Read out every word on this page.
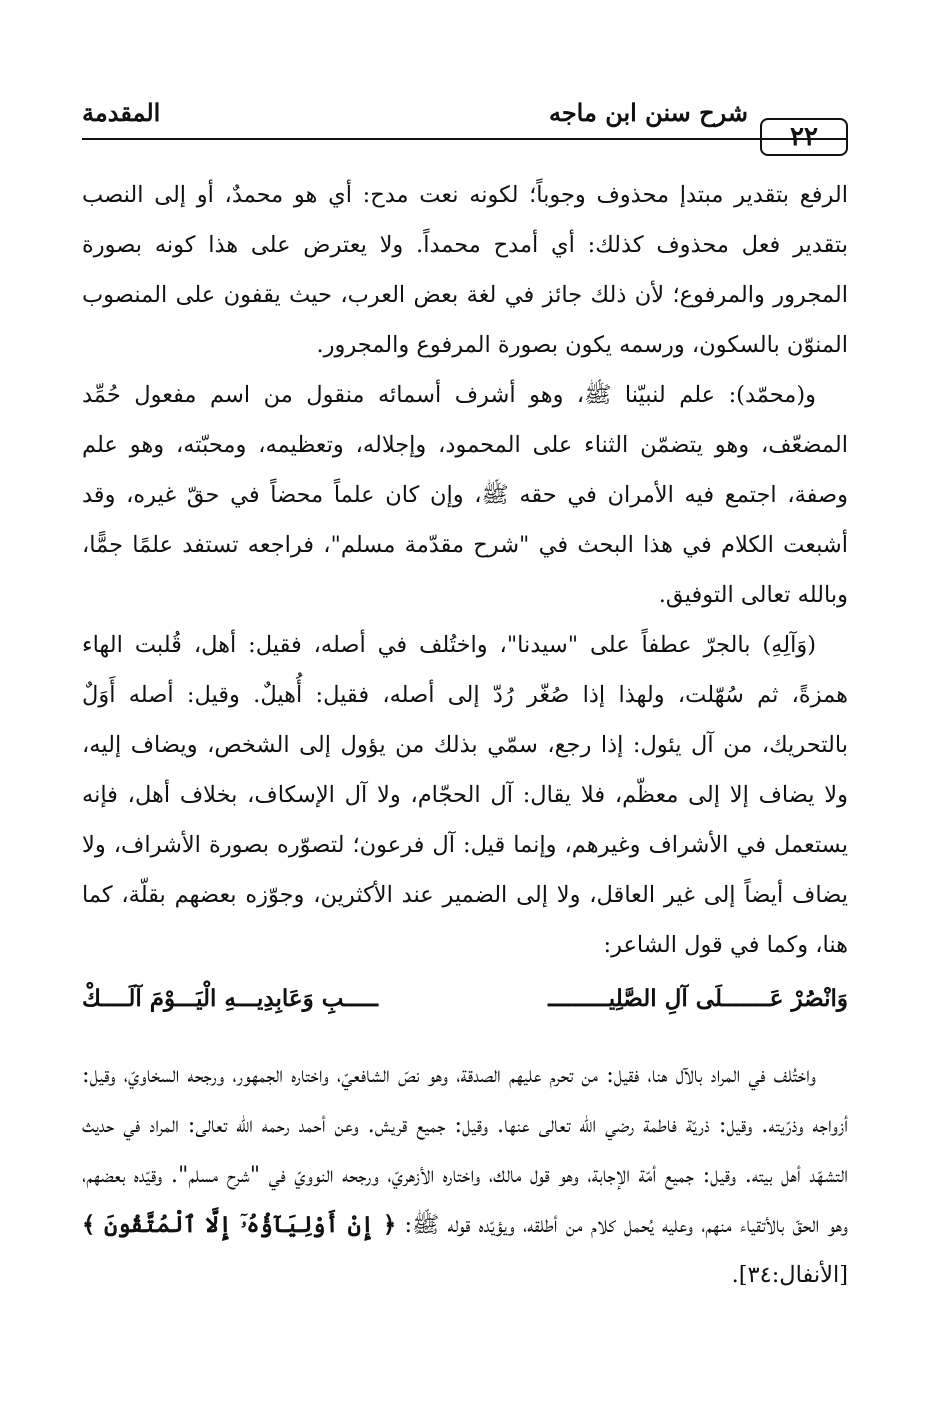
٢٢
شرح سنن ابن ماجه
المقدمة

الرفع بتقدير مبتدإ محذوف وجوباً؛ لكونه نعت مدح: أي هو محمدٌ، أو إلى النصب بتقدير فعل محذوف كذلك: أي أمدح محمداً. ولا يعترض على هذا كونه بصورة المجرور والمرفوع؛ لأن ذلك جائز في لغة بعض العرب، حيث يقفون على المنصوب المنوّن بالسكون، ورسمه يكون بصورة المرفوع والمجرور.

و(محمّد): علم لنبيّنا ﷺ، وهو أشرف أسمائه منقول من اسم مفعول حُمِّد المضعّف، وهو يتضمّن الثناء على المحمود، وإجلاله، وتعظيمه، ومحبّته، وهو علم وصفة، اجتمع فيه الأمران في حقه ﷺ، وإن كان علماً محضاً في حقّ غيره، وقد أشبعت الكلام في هذا البحث في "شرح مقدّمة مسلم"، فراجعه تستفد علمًا جمًّا، وبالله تعالى التوفيق.

(وَآلِهِ) بالجرّ عطفاً على "سيدنا"، واختُلف في أصله، فقيل: أهل، قُلبت الهاء همزةً، ثم سُهّلت، ولهذا إذا صُغّر رُدّ إلى أصله، فقيل: أُهيلٌ. وقيل: أصله أَوَلٌ بالتحريك، من آل يئول: إذا رجع، سمّي بذلك من يؤول إلى الشخص، ويضاف إليه، ولا يضاف إلا إلى معظّم، فلا يقال: آل الحجّام، ولا آل الإسكاف، بخلاف أهل، فإنه يستعمل في الأشراف وغيرهم، وإنما قيل: آل فرعون؛ لتصوّره بصورة الأشراف، ولا يضاف أيضاً إلى غير العاقل، ولا إلى الضمير عند الأكثرين، وجوّزه بعضهم بقلّة، كما هنا، وكما في قول الشاعر:

وَانْصُرْ عَـــــــلَى آلِ الصَّلِيـــــــــ
ـــــبِ وَعَابِدِيـــهِ الْيَـــوْمَ آلَــــكْ

واختُلف في المراد بالآل هنا، فقيل: من تحرم عليهم الصدقة، وهو نصّ الشافعيّ، واختاره الجمهور، ورجحه السخاويّ، وقيل: أزواجه وذرّيته. وقيل: ذريّة فاطمة رضي الله تعالى عنها. وقيل: جميع قريش. وعن أحمد رحمه الله تعالى: المراد في حديث التشهّد أهل بيته. وقيل: جميع أمّة الإجابة، وهو قول مالك، واختاره الأزهريّ، ورجحه النوويّ في "شرح مسلم". وقيّده بعضهم، وهو الحقّ بالأتقياء منهم، وعليه يُحمل كلام من أطلقه، ويؤيّده قوله ﷺ: ﴿ إِنْ أَوْلِيَآؤُهُۥٓ إِلَّا ٱلْمُتَّقُونَ ﴾ [الأنفال:٣٤].
